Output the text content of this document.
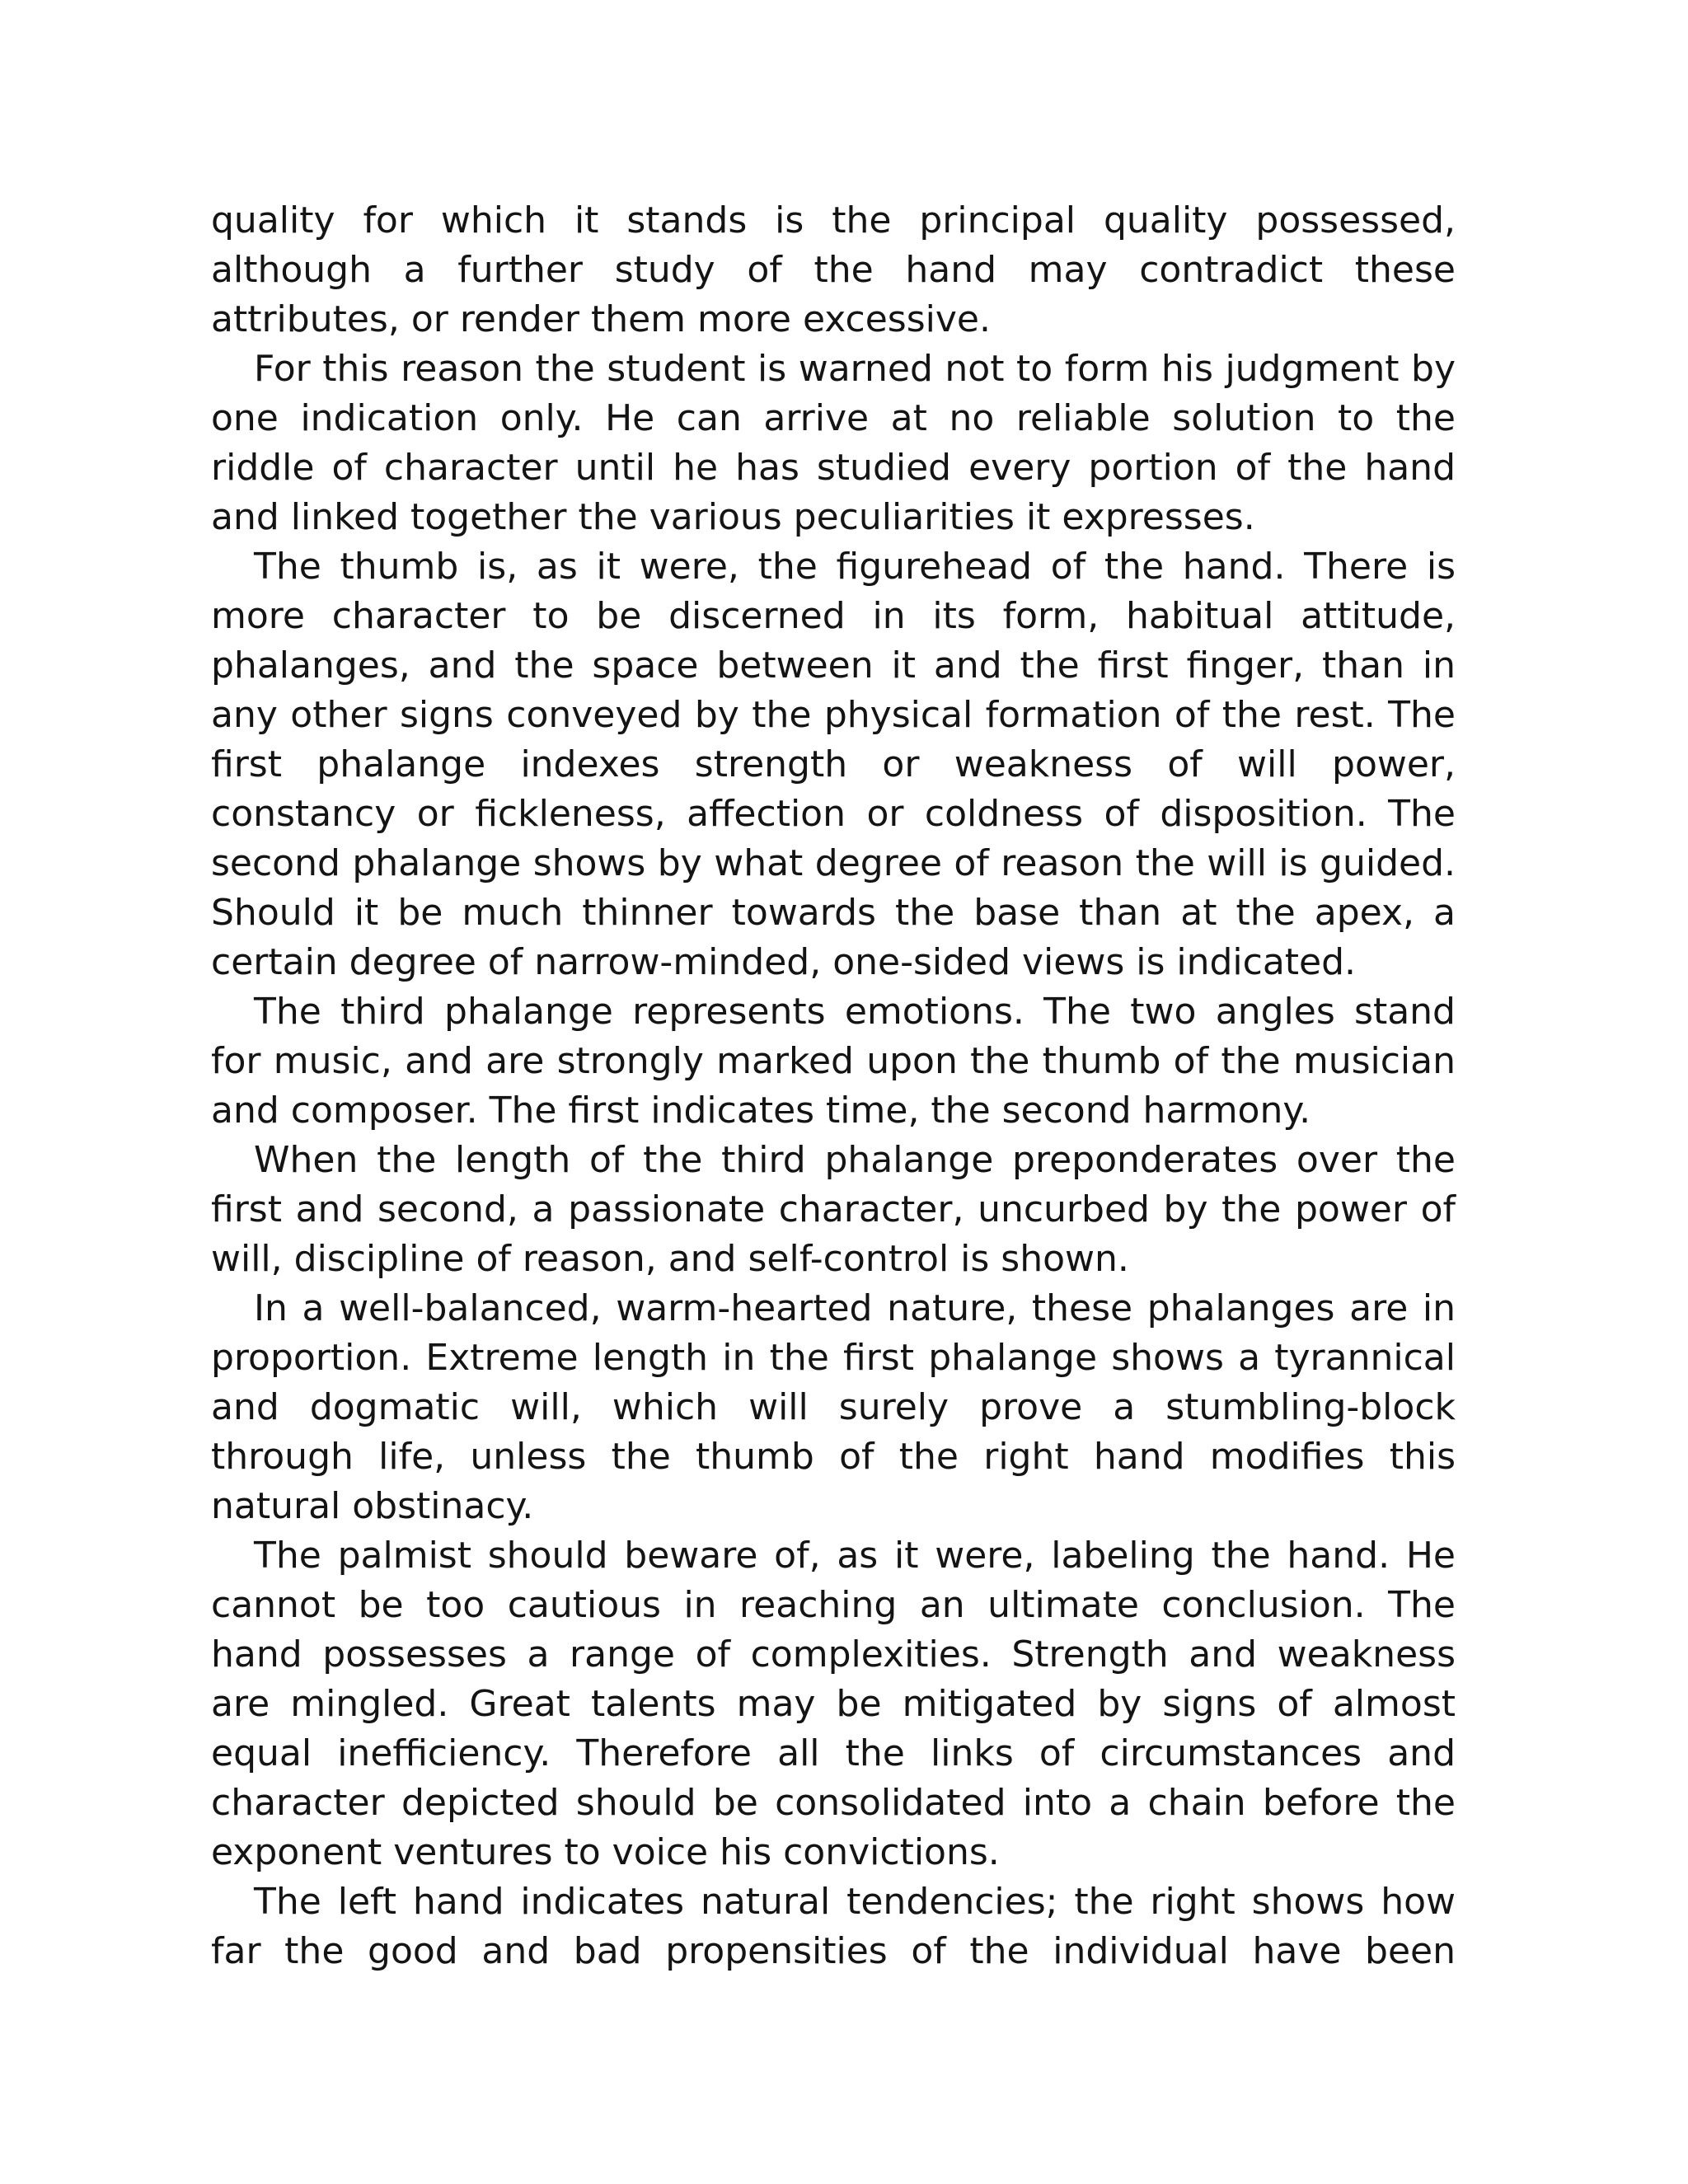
quality for which it stands is the principal quality possessed, although a further study of the hand may contradict these attributes, or render them more excessive.

For this reason the student is warned not to form his judgment by one indication only. He can arrive at no reliable solution to the riddle of character until he has studied every portion of the hand and linked together the various peculiarities it expresses.

The thumb is, as it were, the figurehead of the hand. There is more character to be discerned in its form, habitual attitude, phalanges, and the space between it and the first finger, than in any other signs conveyed by the physical formation of the rest. The first phalange indexes strength or weakness of will power, constancy or fickleness, affection or coldness of disposition. The second phalange shows by what degree of reason the will is guided. Should it be much thinner towards the base than at the apex, a certain degree of narrow-minded, one-sided views is indicated.

The third phalange represents emotions. The two angles stand for music, and are strongly marked upon the thumb of the musician and composer. The first indicates time, the second harmony.

When the length of the third phalange preponderates over the first and second, a passionate character, uncurbed by the power of will, discipline of reason, and self-control is shown.

In a well-balanced, warm-hearted nature, these phalanges are in proportion. Extreme length in the first phalange shows a tyrannical and dogmatic will, which will surely prove a stumbling-block through life, unless the thumb of the right hand modifies this natural obstinacy.

The palmist should beware of, as it were, labeling the hand. He cannot be too cautious in reaching an ultimate conclusion. The hand possesses a range of complexities. Strength and weakness are mingled. Great talents may be mitigated by signs of almost equal inefficiency. Therefore all the links of circumstances and character depicted should be consolidated into a chain before the exponent ventures to voice his convictions.

The left hand indicates natural tendencies; the right shows how far the good and bad propensities of the individual have been
